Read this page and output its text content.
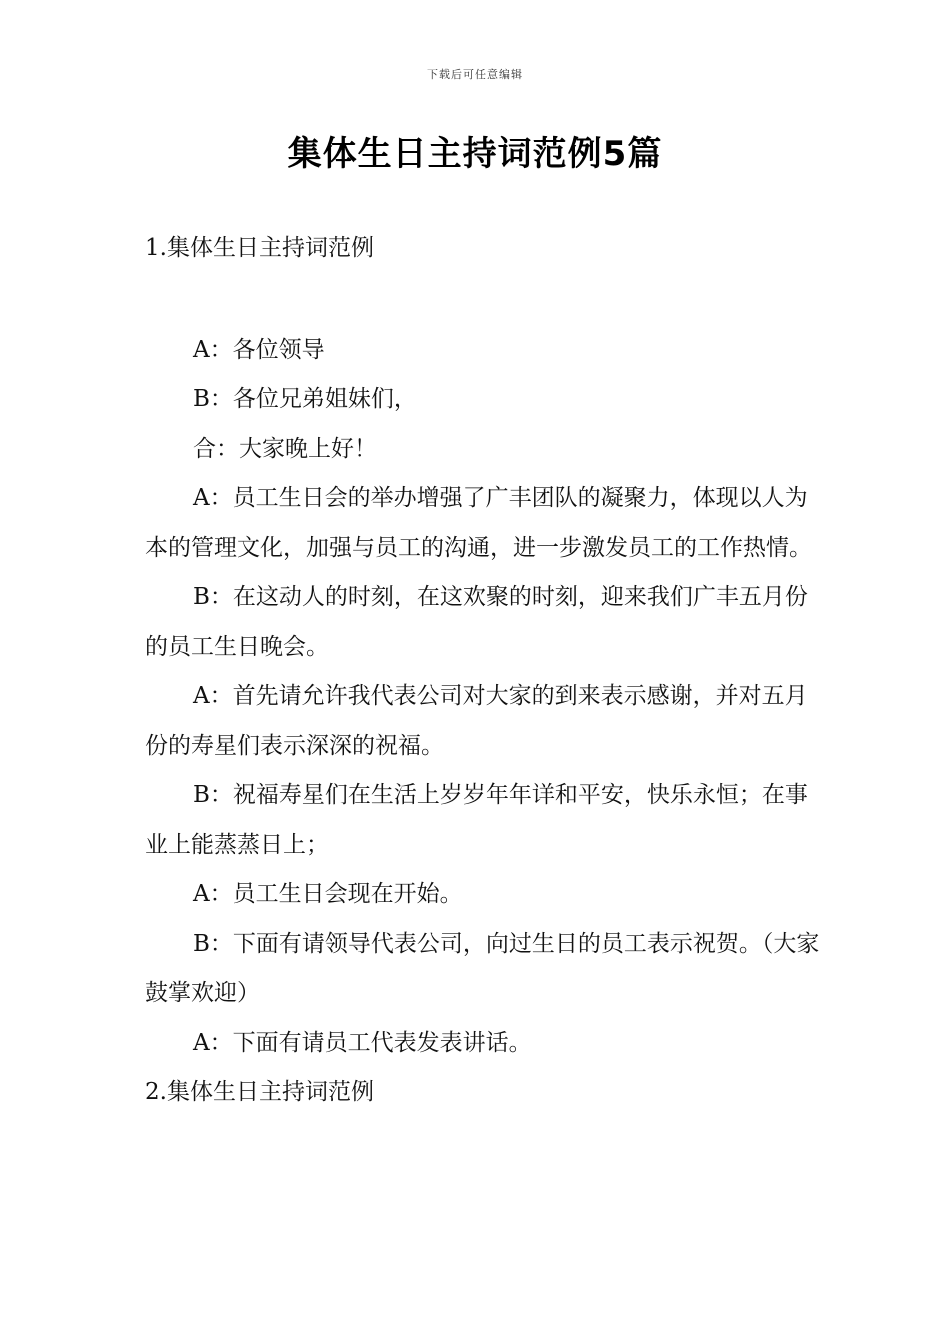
下载后可任意编辑
集体生日主持词范例5篇

1.集体生日主持词范例

A：各位领导

B：各位兄弟姐妹们，

合：大家晚上好！

A：员工生日会的举办增强了广丰团队的凝聚力，体现以人为本的管理文化，加强与员工的沟通，进一步激发员工的工作热情。

B：在这动人的时刻，在这欢聚的时刻，迎来我们广丰五月份的员工生日晚会。

A：首先请允许我代表公司对大家的到来表示感谢，并对五月份的寿星们表示深深的祝福。

B：祝福寿星们在生活上岁岁年年详和平安，快乐永恒；在事业上能蒸蒸日上；

A：员工生日会现在开始。

B：下面有请领导代表公司，向过生日的员工表示祝贺。（大家鼓掌欢迎）

A：下面有请员工代表发表讲话。

2.集体生日主持词范例
